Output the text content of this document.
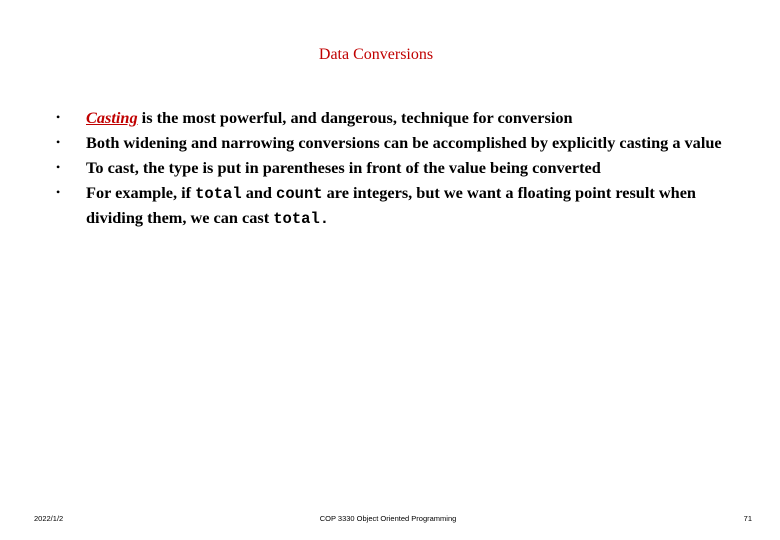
Data Conversions
• Casting is the most powerful, and dangerous, technique for conversion
• Both widening and narrowing conversions can be accomplished by explicitly casting a value
• To cast, the type is put in parentheses in front of the value being converted
• For example, if total and count are integers, but we want a floating point result when dividing them, we can cast total.
2022/1/2	COP 3330 Object Oriented Programming	71
